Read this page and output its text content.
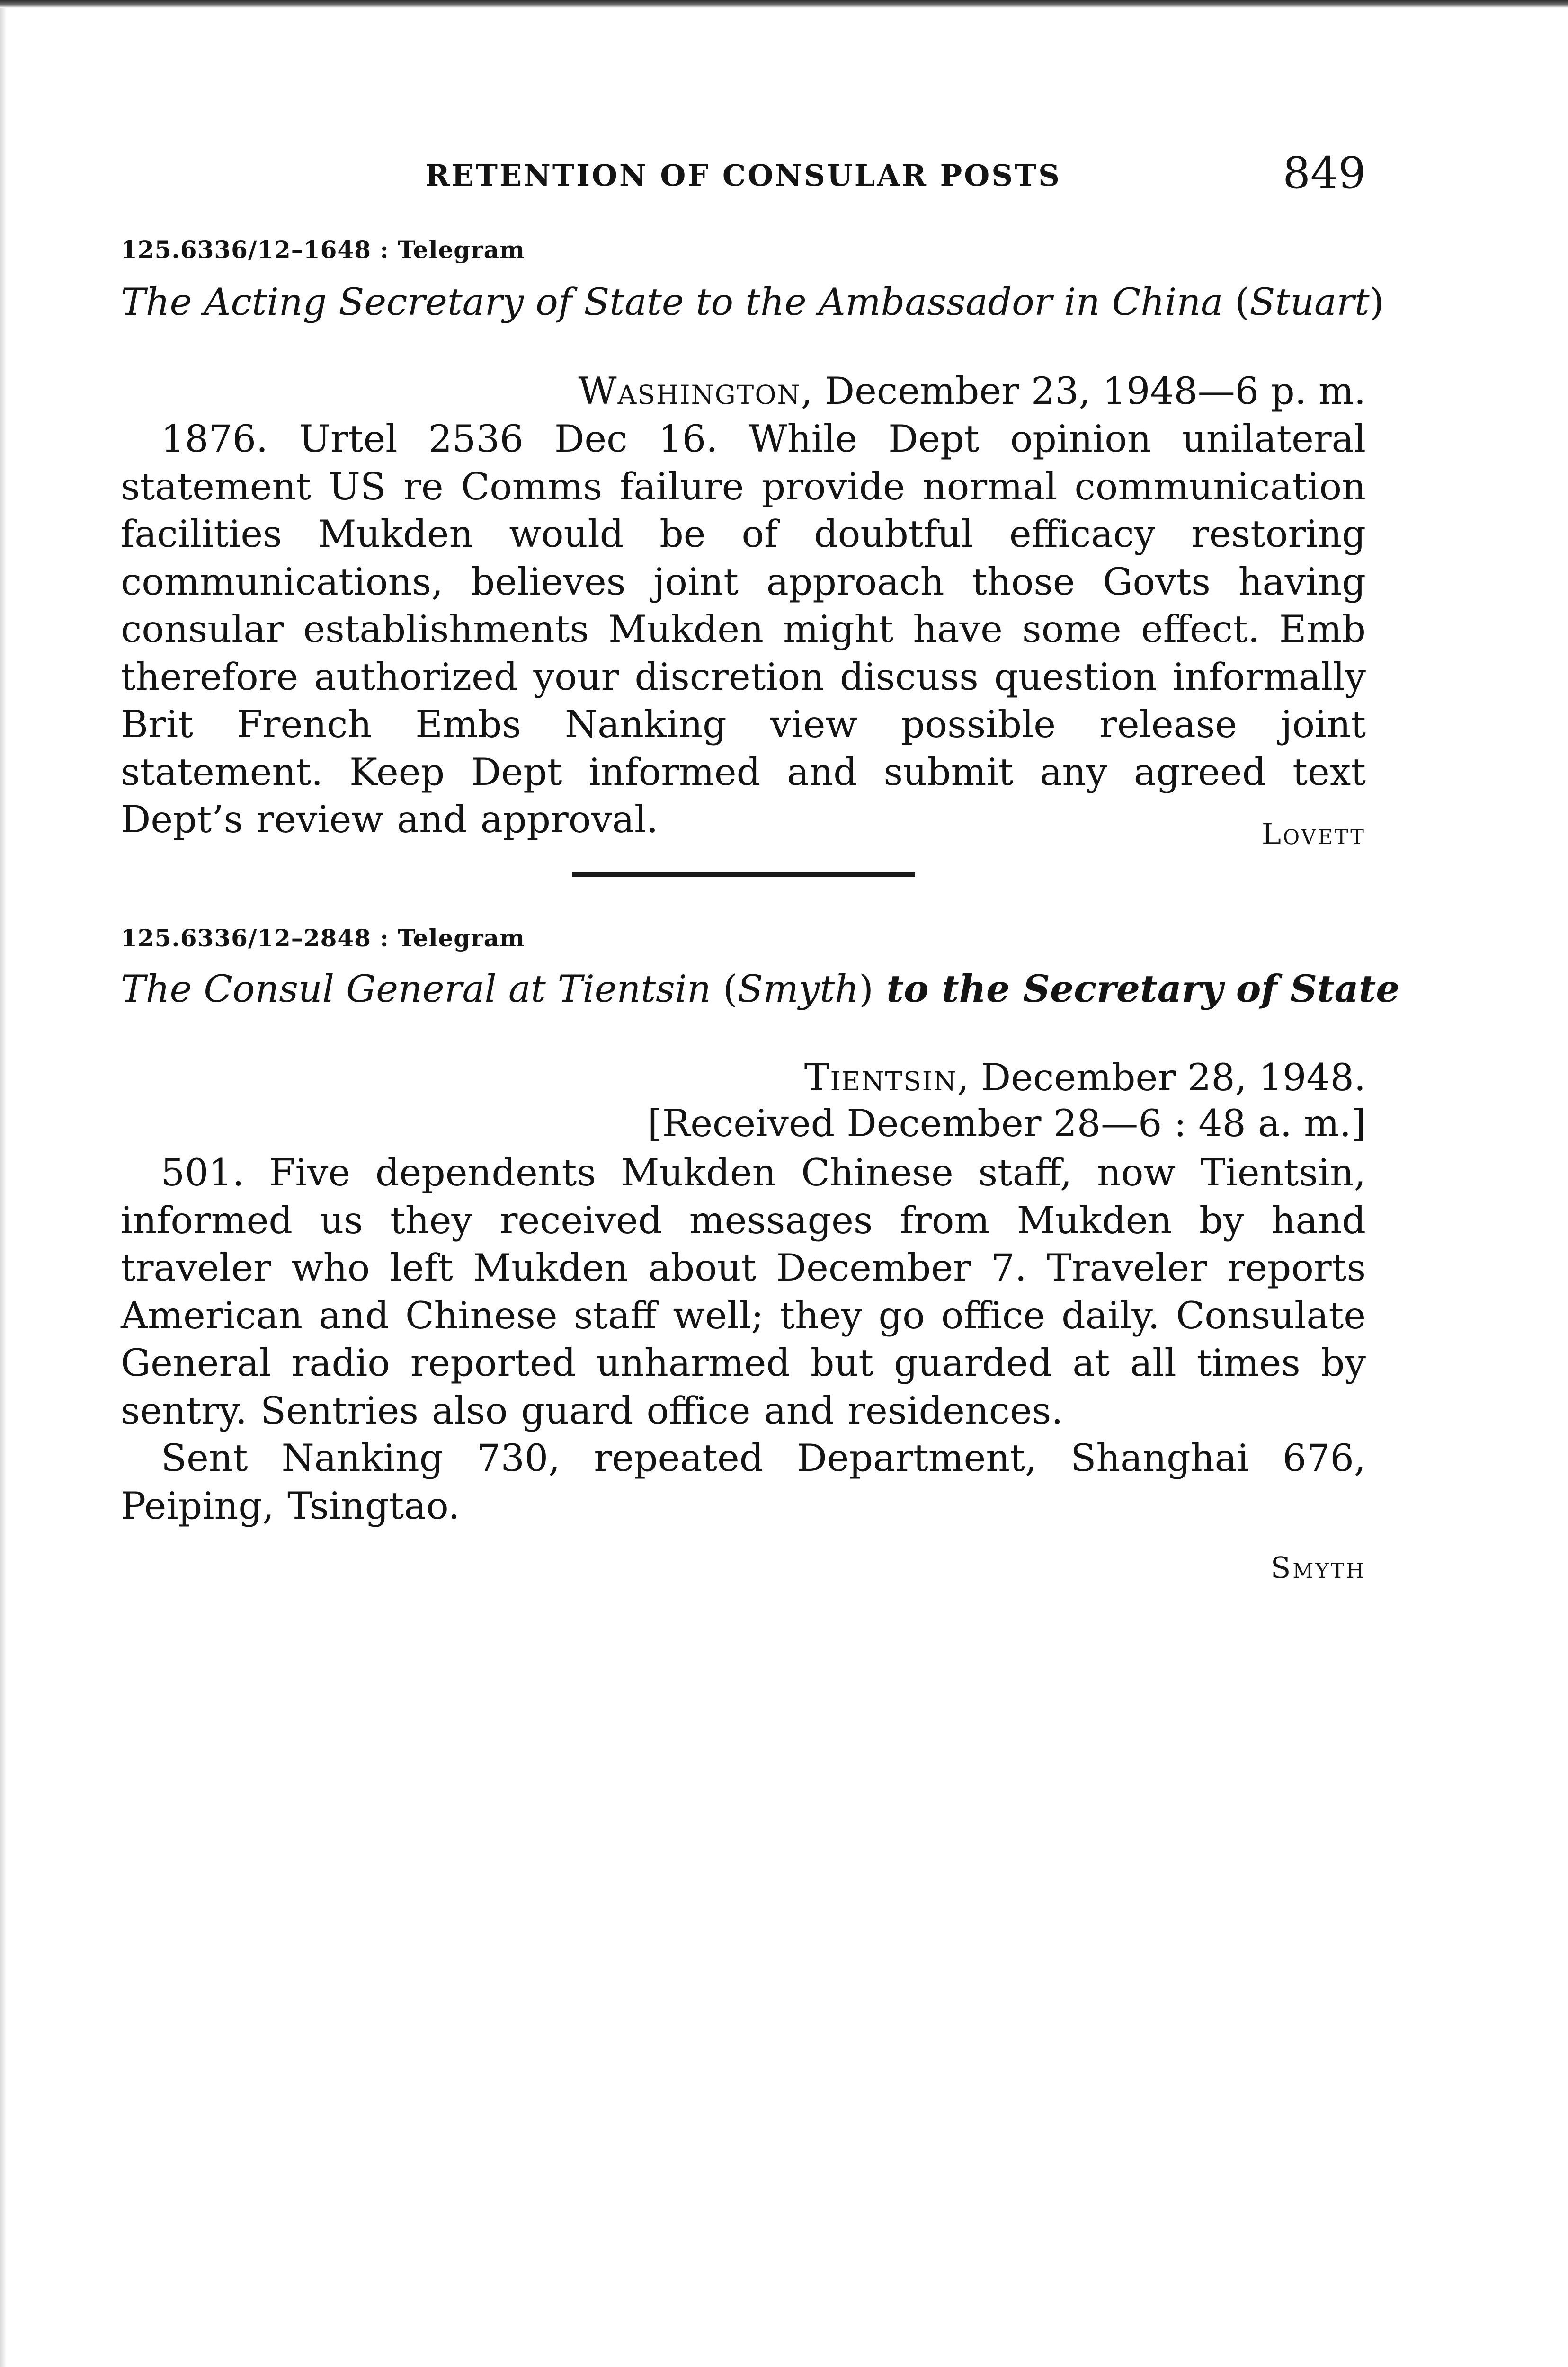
RETENTION OF CONSULAR POSTS	849
125.6336/12–1648 : Telegram
The Acting Secretary of State to the Ambassador in China (Stuart)
Washington, December 23, 1948—6 p. m.

1876. Urtel 2536 Dec 16. While Dept opinion unilateral statement US re Comms failure provide normal communication facilities Mukden would be of doubtful efficacy restoring communications, believes joint approach those Govts having consular establishments Mukden might have some effect. Emb therefore authorized your discretion discuss question informally Brit French Embs Nanking view possible release joint statement. Keep Dept informed and submit any agreed text Dept’s review and approval.	Lovett
125.6336/12–2848 : Telegram
The Consul General at Tientsin (Smyth) to the Secretary of State
Tientsin, December 28, 1948.
[Received December 28—6 : 48 a. m.]

501. Five dependents Mukden Chinese staff, now Tientsin, informed us they received messages from Mukden by hand traveler who left Mukden about December 7. Traveler reports American and Chinese staff well; they go office daily. Consulate General radio reported unharmed but guarded at all times by sentry. Sentries also guard office and residences.

Sent Nanking 730, repeated Department, Shanghai 676, Peiping, Tsingtao.

Smyth
